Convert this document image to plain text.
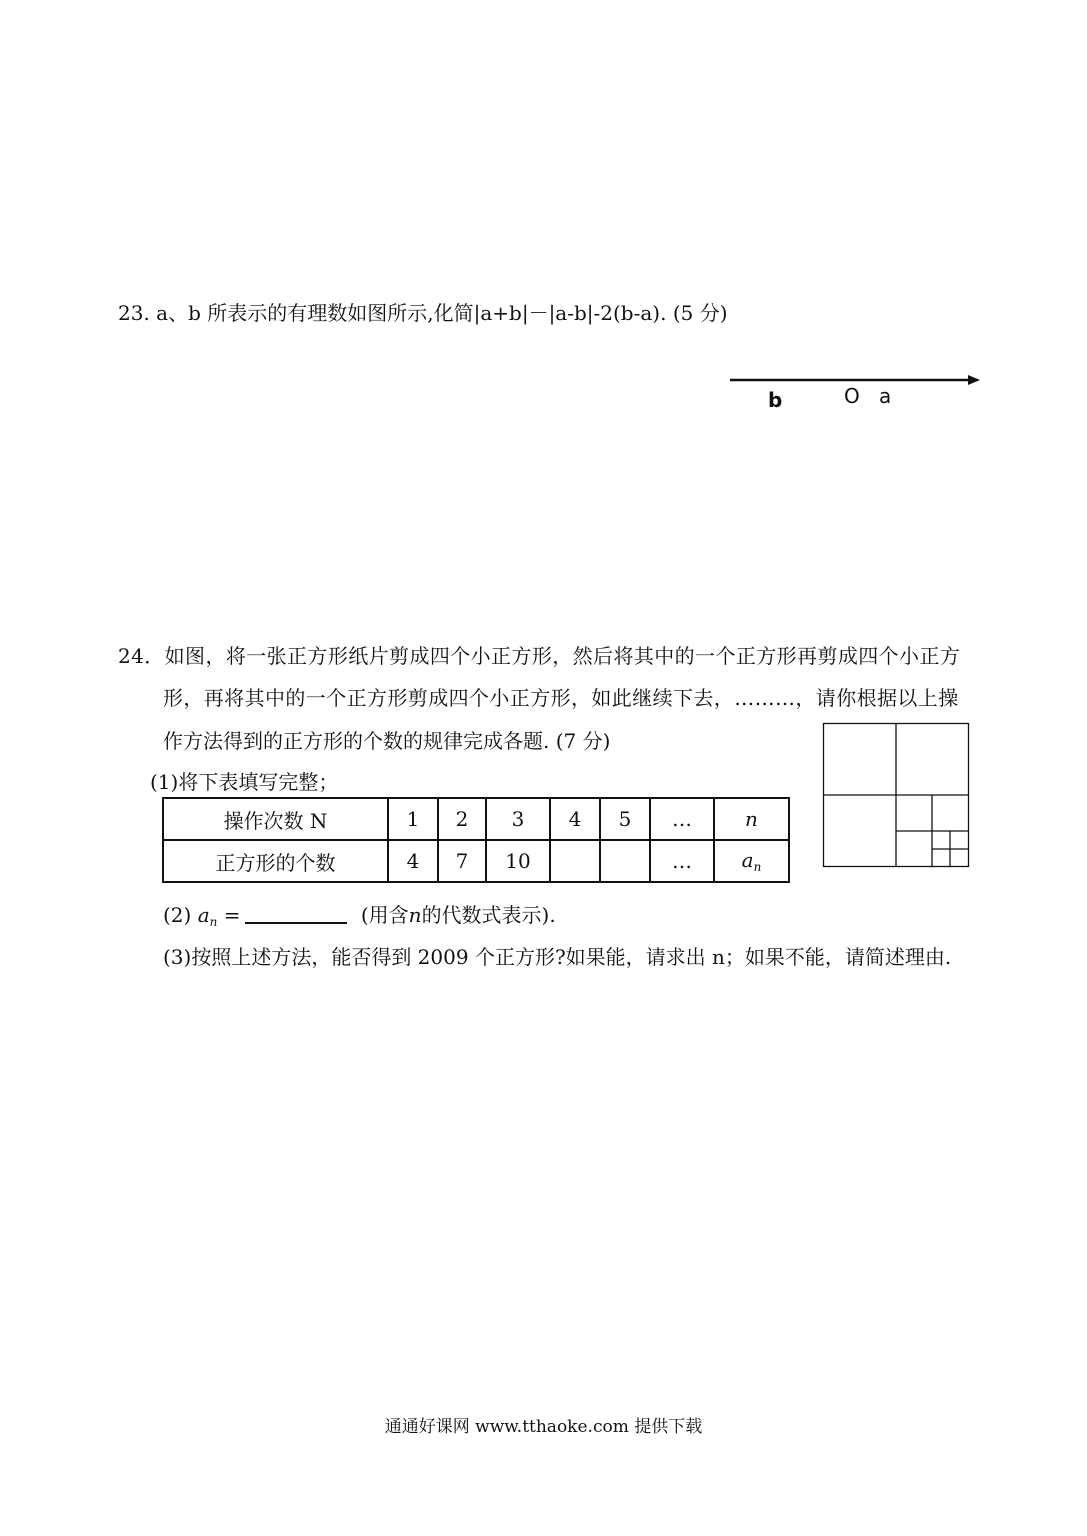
23. a、b 所表示的有理数如图所示,化简|a+b|－|a-b|-2(b-a). (5 分)
b	O a
24．如图，将一张正方形纸片剪成四个小正方形，然后将其中的一个正方形再剪成四个小正方
形，再将其中的一个正方形剪成四个小正方形，如此继续下去，………，请你根据以上操
作方法得到的正方形的个数的规律完成各题. (7 分)
(1)将下表填写完整；
操作次数 N	1	2	3	4	5	…	n
正方形的个数	4	7	10			…	$a_n$
(2) $a_n$ =	(用含n的代数式表示).
(3)按照上述方法，能否得到 2009 个正方形?如果能，请求出 n；如果不能，请简述理由.
通通好课网 www.tthaoke.com 提供下载
